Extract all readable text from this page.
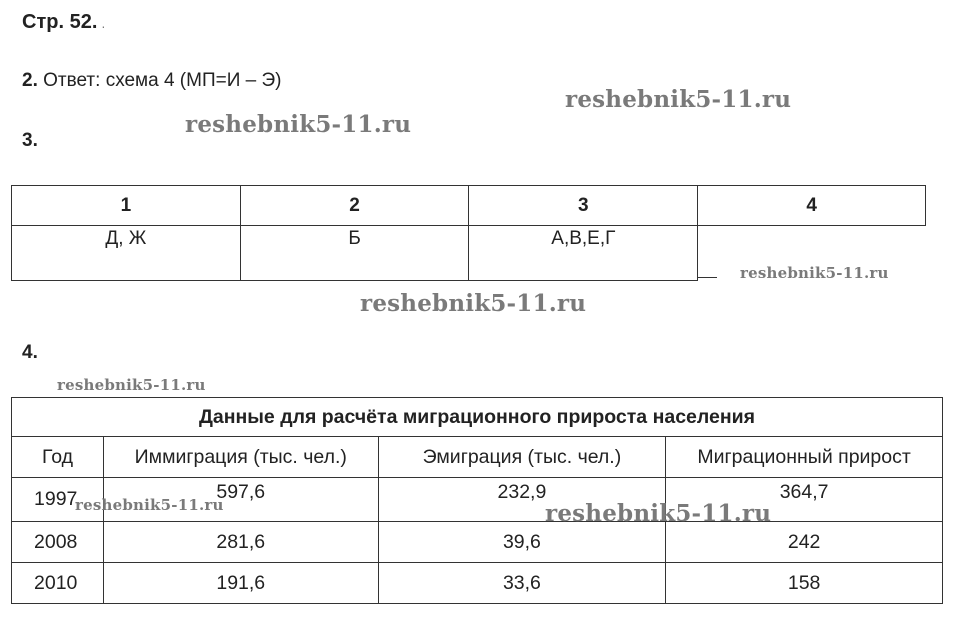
Стр. 52. ․
2. Ответ: схема 4 (МП=И – Э)
3.
1	2	3	4
Д, Ж	Б	А,В,Е,Г	
4.
Данные для расчёта миграционного прироста населения			
Год	Иммиграция (тыс. чел.)	Эмиграция (тыс. чел.)	Миграционный прирост
1997	597,6	232,9	364,7
2008	281,6	39,6	242
2010	191,6	33,6	158
reshebnik5-11.ru
reshebnik5-11.ru
reshebnik5-11.ru
reshebnik5-11.ru
reshebnik5-11.ru
reshebnik5-11.ru	reshebnik5-11.ru
